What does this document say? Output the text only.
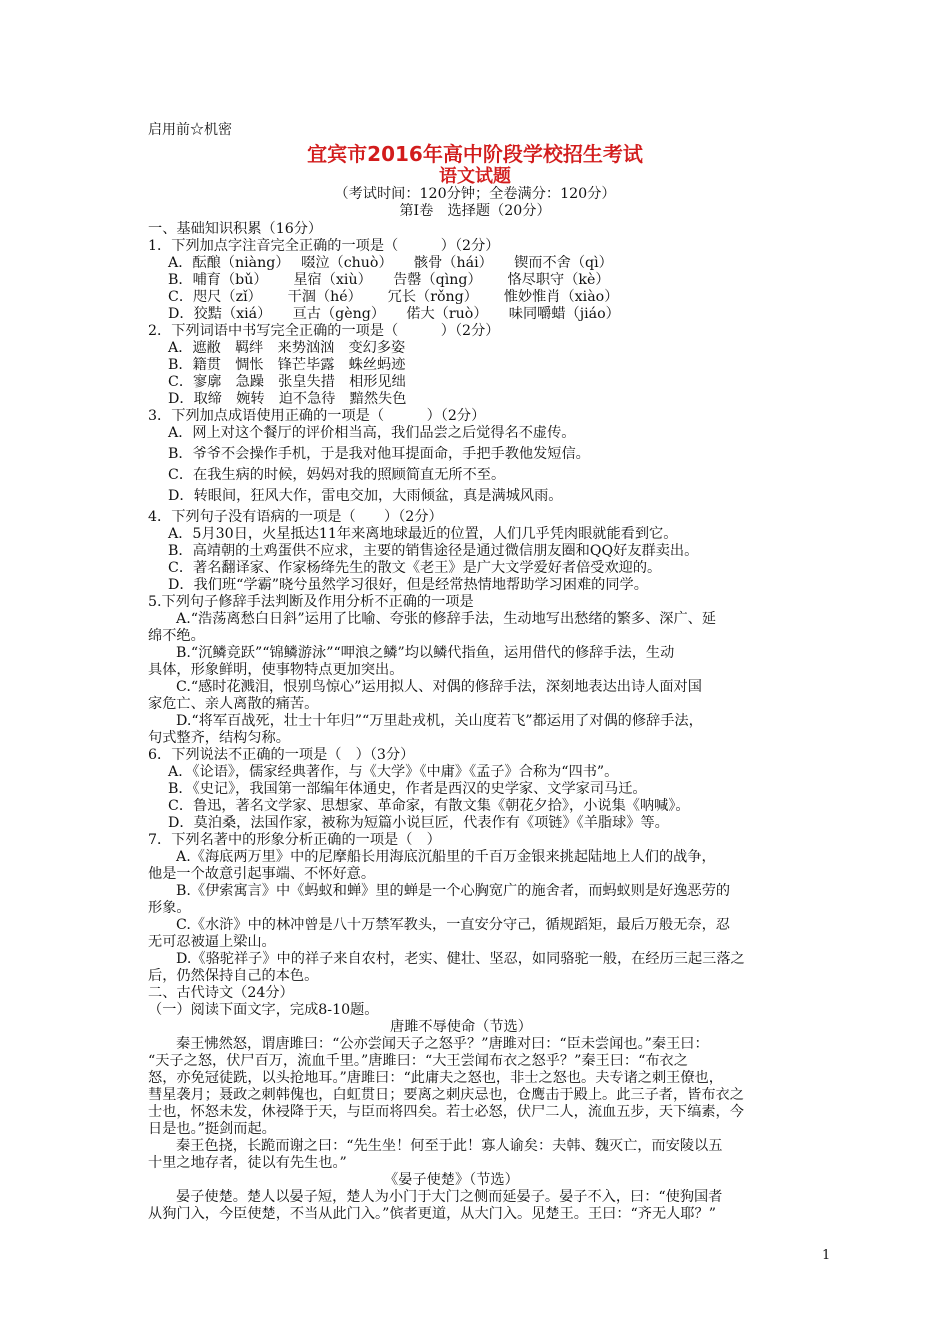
启用前☆机密
宜宾市2016年高中阶段学校招生考试
语文试题
（考试时间：120分钟；全卷满分：120分）
第Ⅰ卷　选择题（20分）
一、基础知识积累（16分）
1．下列加点字注音完全正确的一项是（　　　）（2分）
A．酝酿（niàng）　 啜泣（chuò）　　骸骨（hái）　　锲而不舍（qì）
B．哺育（bǔ）　　 星宿（xiù）　　告罄（qìng）　　 恪尽职守（kè）
C．咫尺（zǐ）　　 干涸（hé）　　 冗长（rǒng）　　 惟妙惟肖（xiào）
D．狡黠（xiá）　　亘古（gèng）　　偌大（ruò）　　味同嚼蜡（jiáo）
2．下列词语中书写完全正确的一项是（　　　）（2分）
A．遮敝　羁绊　来势汹汹　变幻多姿
B．籍贯　惆怅　锋芒毕露　蛛丝蚂迹
C．寥廓　急躁　张皇失措　相形见绌
D．取缔　婉转　迫不急待　黯然失色
3．下列加点成语使用正确的一项是（　　　）（2分）
A．网上对这个餐厅的评价相当高，我们品尝之后觉得名不虚传。
B．爷爷不会操作手机，于是我对他耳提面命，手把手教他发短信。
C．在我生病的时候，妈妈对我的照顾简直无所不至。
D．转眼间，狂风大作，雷电交加，大雨倾盆，真是满城风雨。
4．下列句子没有语病的一项是（　　）（2分）
A．5月30日，火星抵达11年来离地球最近的位置，人们几乎凭肉眼就能看到它。
B．高靖朝的土鸡蛋供不应求，主要的销售途径是通过微信朋友圈和QQ好友群卖出。
C．著名翻译家、作家杨绛先生的散文《老王》是广大文学爱好者倍受欢迎的。
D．我们班“学霸”晓兮虽然学习很好，但是经常热情地帮助学习困难的同学。
5.下列句子修辞手法判断及作用分析不正确的一项是
A.“浩荡离愁白日斜”运用了比喻、夸张的修辞手法，生动地写出愁绪的繁多、深广、延
绵不绝。
B.“沉鳞竞跃”“锦鳞游泳”“呷浪之鳞”均以鳞代指鱼，运用借代的修辞手法，生动
具体，形象鲜明，使事物特点更加突出。
C.“感时花溅泪，恨别鸟惊心”运用拟人、对偶的修辞手法，深刻地表达出诗人面对国
家危亡、亲人离散的痛苦。
D.“将军百战死，壮士十年归”“万里赴戎机，关山度若飞”都运用了对偶的修辞手法，
句式整齐，结构匀称。
6．下列说法不正确的一项是（　）（3分）
A．《论语》，儒家经典著作，与《大学》《中庸》《孟子》合称为“四书”。
B．《史记》，我国第一部编年体通史，作者是西汉的史学家、文学家司马迁。
C．鲁迅，著名文学家、思想家、革命家，有散文集《朝花夕拾》，小说集《呐喊》。
D．莫泊桑，法国作家，被称为短篇小说巨匠，代表作有《项链》《羊脂球》等。
7．下列名著中的形象分析正确的一项是（　）
A.《海底两万里》中的尼摩船长用海底沉船里的千百万金银来挑起陆地上人们的战争，
他是一个故意引起事端、不怀好意。
B.《伊索寓言》中《蚂蚁和蝉》里的蝉是一个心胸宽广的施舍者，而蚂蚁则是好逸恶劳的
形象。
C.《水浒》中的林冲曾是八十万禁军教头，一直安分守己，循规蹈矩，最后万般无奈，忍
无可忍被逼上梁山。
D.《骆驼祥子》中的祥子来自农村，老实、健壮、坚忍，如同骆驼一般，在经历三起三落之
后，仍然保持自己的本色。
二、古代诗文（24分）
（一）阅读下面文字，完成8-10题。
唐雎不辱使命（节选）
秦王怫然怒，谓唐雎曰：“公亦尝闻天子之怒乎？”唐雎对曰：“臣未尝闻也。”秦王曰：
“天子之怒，伏尸百万，流血千里。”唐雎曰：“大王尝闻布衣之怒乎？”秦王曰：“布衣之
怒，亦免冠徒跣，以头抢地耳。”唐雎曰：“此庸夫之怒也，非士之怒也。夫专诸之刺王僚也，
彗星袭月；聂政之刺韩傀也，白虹贯日；要离之刺庆忌也，仓鹰击于殿上。此三子者，皆布衣之
士也，怀怒未发，休祲降于天，与臣而将四矣。若士必怒，伏尸二人，流血五步，天下缟素，今
日是也。”挺剑而起。
秦王色挠，长跪而谢之曰：“先生坐！何至于此！寡人谕矣：夫韩、魏灭亡，而安陵以五
十里之地存者，徒以有先生也。”
《晏子使楚》（节选）
晏子使楚。楚人以晏子短，楚人为小门于大门之侧而延晏子。晏子不入，曰：“使狗国者
从狗门入，今臣使楚，不当从此门入。”傧者更道，从大门入。见楚王。王曰：“齐无人耶？”
1
